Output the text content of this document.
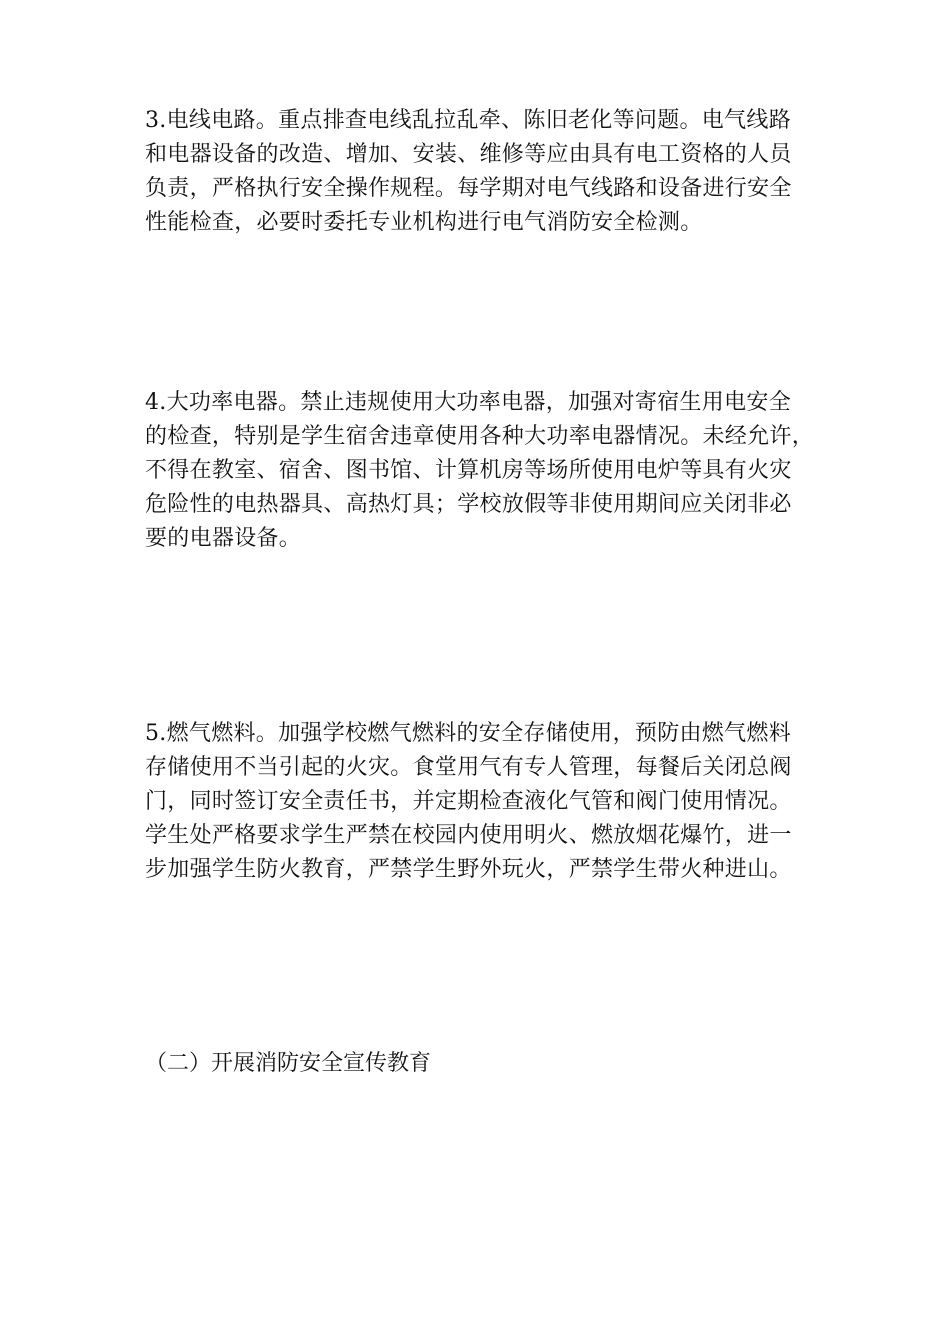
3.电线电路。重点排查电线乱拉乱牵、陈旧老化等问题。电气线路
和电器设备的改造、增加、安装、维修等应由具有电工资格的人员
负责，严格执行安全操作规程。每学期对电气线路和设备进行安全
性能检查，必要时委托专业机构进行电气消防安全检测。
4.大功率电器。禁止违规使用大功率电器，加强对寄宿生用电安全
的检查，特别是学生宿舍违章使用各种大功率电器情况。未经允许，
不得在教室、宿舍、图书馆、计算机房等场所使用电炉等具有火灾
危险性的电热器具、高热灯具；学校放假等非使用期间应关闭非必
要的电器设备。
5.燃气燃料。加强学校燃气燃料的安全存储使用，预防由燃气燃料
存储使用不当引起的火灾。食堂用气有专人管理，每餐后关闭总阀
门，同时签订安全责任书，并定期检查液化气管和阀门使用情况。
学生处严格要求学生严禁在校园内使用明火、燃放烟花爆竹，进一
步加强学生防火教育，严禁学生野外玩火，严禁学生带火种进山。
（二）开展消防安全宣传教育
